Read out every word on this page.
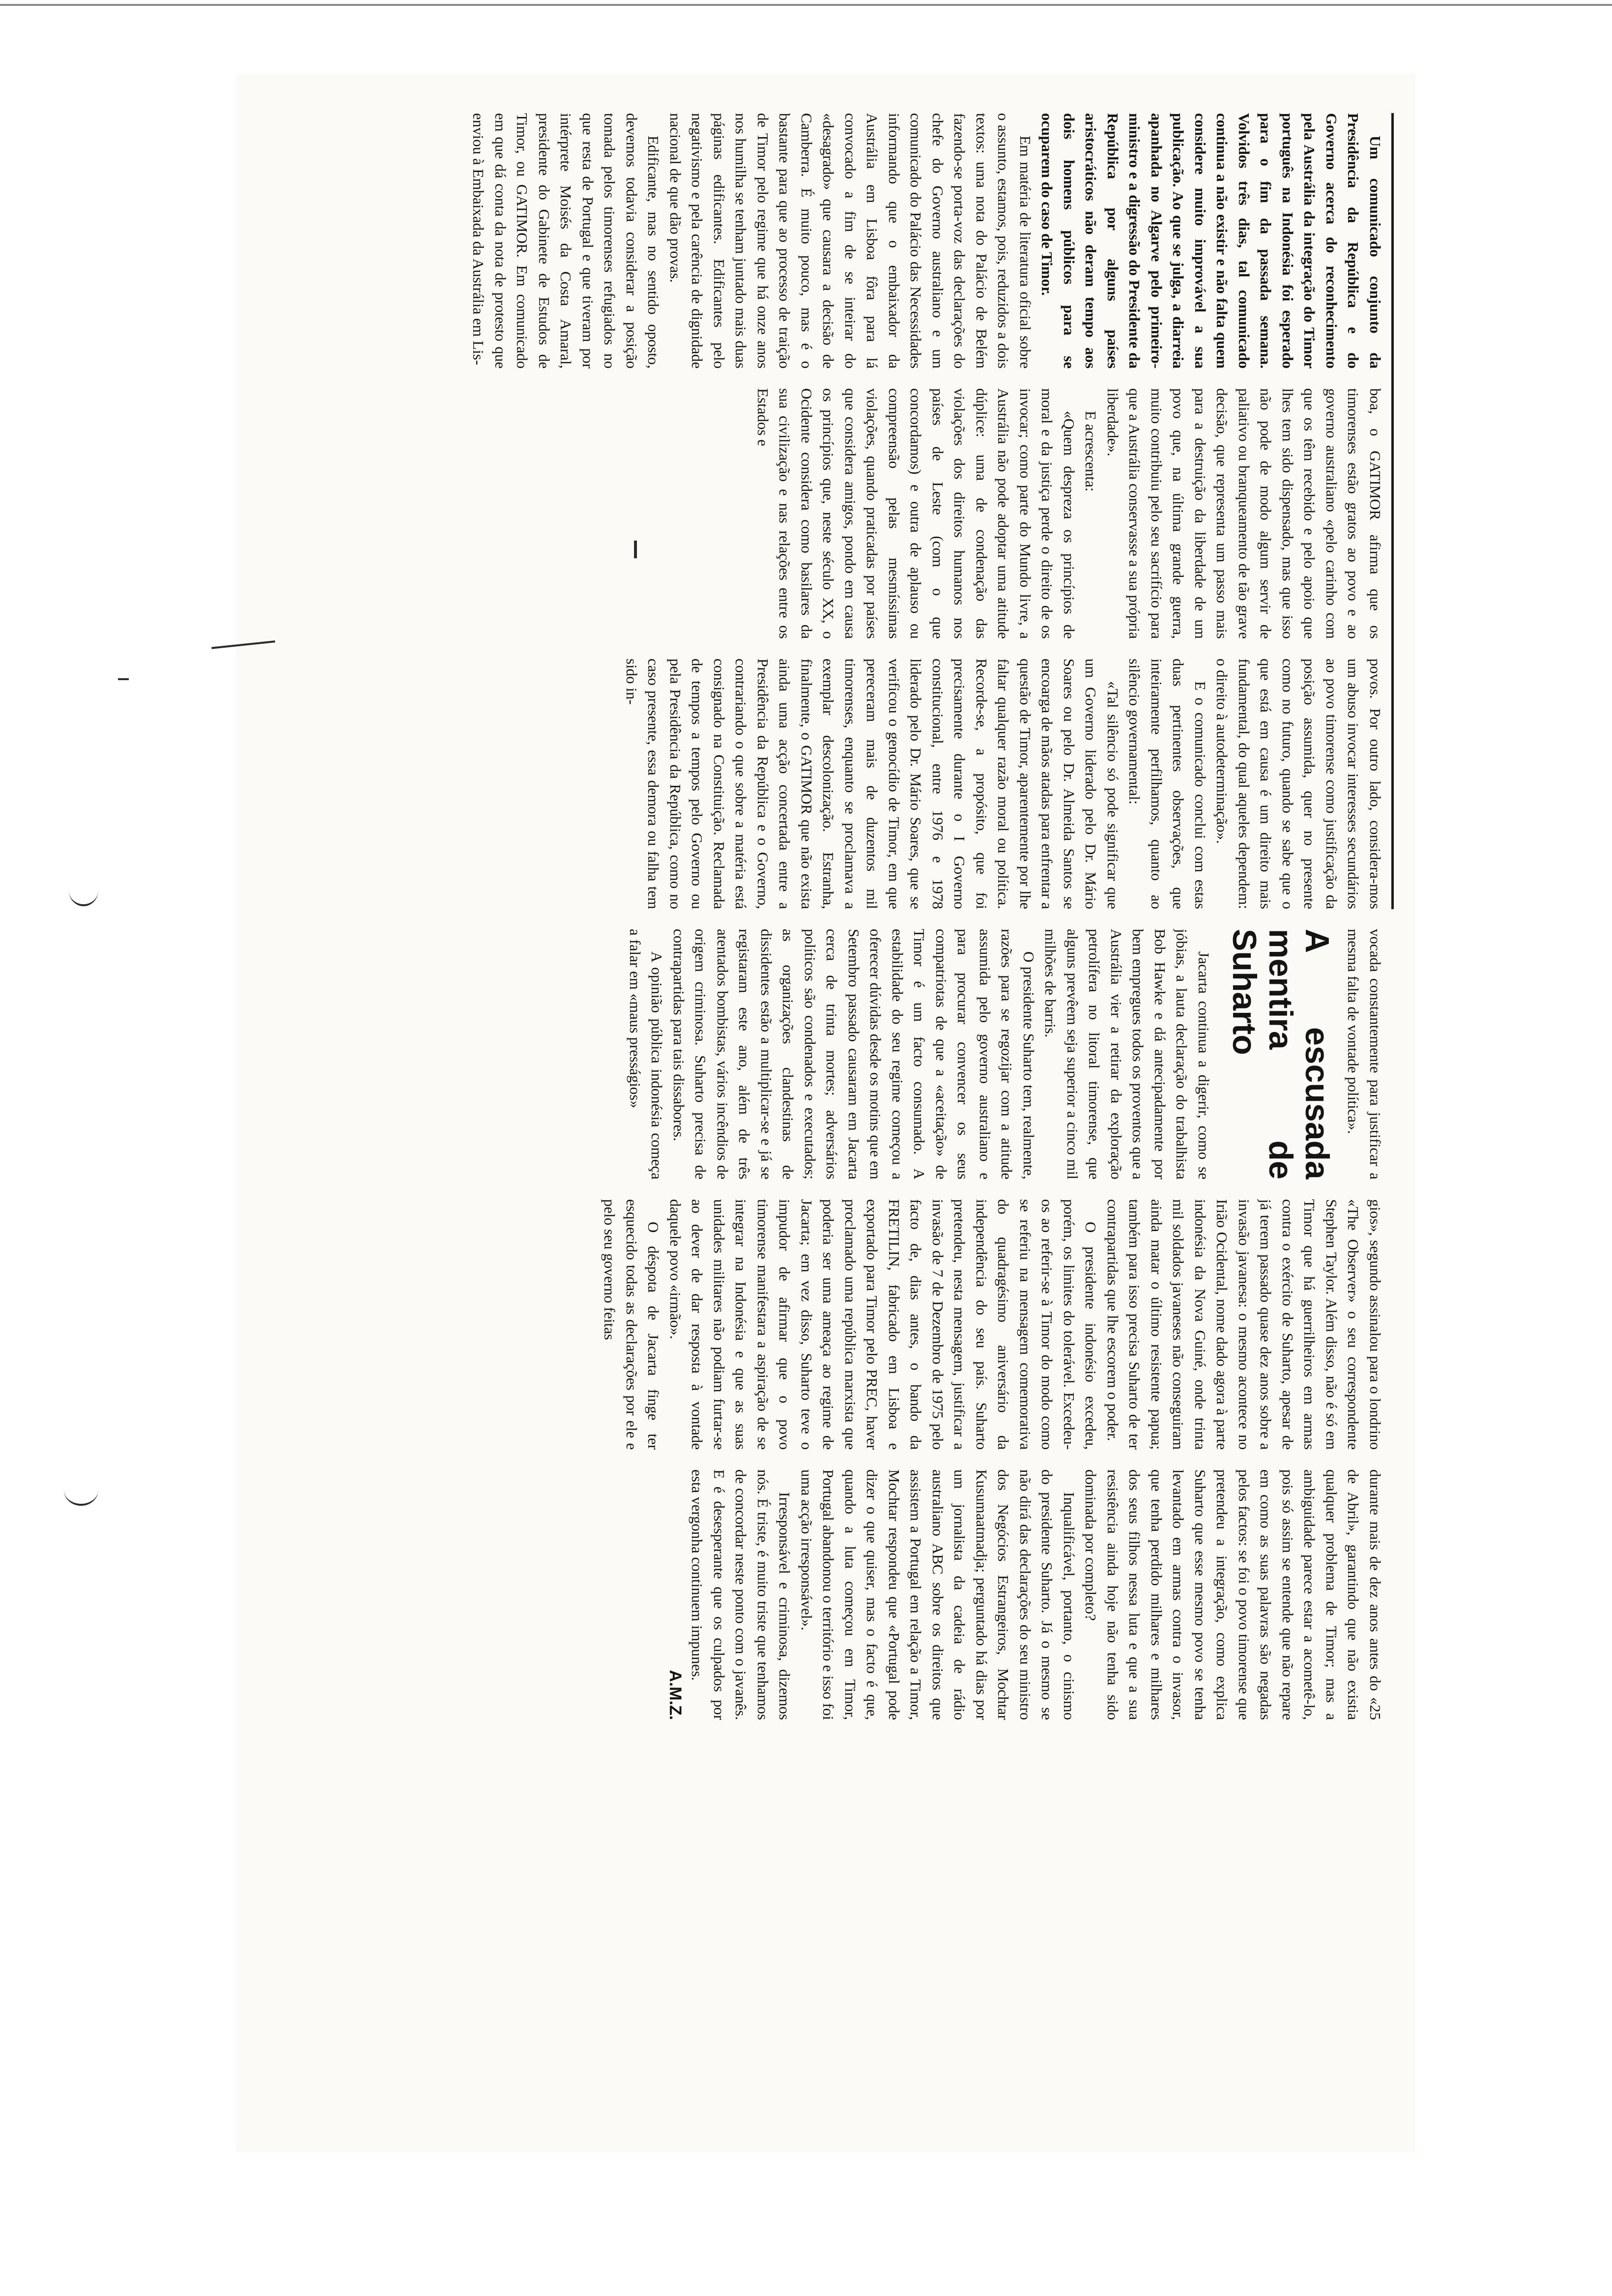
Um comunicado conjunto da Presidência da República e do Governo acerca do reconhecimento pela Austrália da integração do Timor português na Indonésia foi esperado para o fim da passada semana. Volvidos três dias, tal comunicado continua a não existir e não falta quem considere muito improvável a sua publicação. Ao que se julga, a diarreia apanhada no Algarve pelo primeiro-ministro e a digressão do Presidente da República por alguns países aristocráticos não deram tempo aos dois homens públicos para se ocuparem do caso de Timor.

Em matéria de literatura oficial sobre o assunto, estamos, pois, reduzidos a dois textos: uma nota do Palácio de Belém fazendo-se porta-voz das declarações do chefe do Governo australiano e um comunicado do Palácio das Necessidades informando que o embaixador da Austrália em Lisboa fôra para lá convocado a fim de se inteirar do «desagrado» que causara a decisão de Camberra. É muito pouco, mas é o bastante para que ao processo de traição de Timor pelo regime que há onze anos nos humilha se tenham juntado mais duas páginas edificantes. Edificantes pelo negativismo e pela carência de dignidade nacional de que dão provas.

Edificante, mas no sentido oposto, devemos todavia considerar a posição tomada pelos timorenses refugiados no que resta de Portugal e que tiveram por intérprete Moisés da Costa Amaral, presidente do Gabinete de Estudos de Timor, ou GATIMOR. Em comunicado em que dá conta da nota de protesto que enviou à Embaixada da Austrália em Lis-

boa, o GATIMOR afirma que os timorenses estão gratos ao povo e ao governo australiano «pelo carinho com que os têm recebido e pelo apoio que lhes tem sido dispensado, mas que isso não pode de modo algum servir de paliativo ou branqueamento de tão grave decisão, que representa um passo mais para a destruição da liberdade de um povo que, na última grande guerra, muito contribuiu pelo seu sacrifício para que a Austrália conservasse a sua própria liberdade».

E acrescenta:

«Quem despreza os princípios de moral e da justiça perde o direito de os invocar; como parte do Mundo livre, a Austrália não pode adoptar uma atitude dúplice: uma de condenação das violações dos direitos humanos nos países de Leste (com o que concordamos) e outra de aplauso ou compreensão pelas mesmíssimas violações, quando praticadas por países que considera amigos, pondo em causa os princípios que, neste século XX, o Ocidente considera como basilares da sua civilização e nas relações entre os Estados e

povos. Por outro lado, considera-mos um abuso invocar interesses secundários ao povo timorense como justificação da posição assumida, quer no presente como no futuro, quando se sabe que o que está em causa é um direito mais fundamental, do qual aqueles dependem: o direito à autodeterminação».

E o comunicado conclui com estas duas pertinentes observações, que inteiramente perfilhamos, quanto ao silêncio governamental:

«Tal silêncio só pode significar que um Governo liderado pelo Dr. Mário Soares ou pelo Dr. Almeida Santos se encoarga de mãos atadas para enfrentar a questão de Timor, aparentemente por lhe faltar qualquer razão moral ou política. Recorde-se, a propósito, que foi precisamente durante o I Governo constitucional, entre 1976 e 1978 liderado pelo Dr. Mário Soares, que se verificou o genocídio de Timor, em que pereceram mais de duzentos mil timorenses, enquanto se proclamava a exemplar descolonização. Estranha, finalmente, o GATIMOR que não exista ainda uma acção concertada entre a Presidência da República e o Governo, contrariando o que sobre a matéria está consignado na Constituição. Reclamada de tempos a tempos pelo Governo ou pela Presidência da República, como no caso presente, essa demora ou falha tem sido in-

vocada constantemente para justificar a mesma falta de vontade política».

A escusada mentira de Suharto

Jacarta continua a digerir, como se jóbias, a lauta declaração do trabalhista Bob Hawke e dá antecipadamente por bem empregues todos os proventos que a Austrália vier a retirar da exploração petrolífera no litoral timorense, que alguns prevêem seja superior a cinco mil milhões de barris.

O presidente Suharto tem, realmente, razões para se regozijar com a atitude assumida pelo governo australiano e para procurar convencer os seus compatriotas de que a «aceitação» de Timor é um facto consumado. A estabilidade do seu regime começou a oferecer dúvidas desde os motins que em Setembro passado causaram em Jacarta cerca de trinta mortes; adversários políticos são condenados e executados; as organizações clandestinas de dissidentes estão a multiplicar-se e já se registaram este ano, além de três atentados bombistas, vários incêndios de origem criminosa. Suharto precisa de contrapartidas para tais dissabores.

A opinião pública indonésia começa a falar em «maus presságios»

gios», segundo assinalou para o londrino «The Observer» o seu correspondente Stephen Taylor. Além disso, não é só em Timor que há guerrilheiros em armas contra o exército de Suharto, apesar de já terem passado quase dez anos sobre a invasão javanesa: o mesmo acontece no Irião Ocidental, nome dado agora à parte indonésia da Nova Guiné, onde trinta mil soldados javaneses não conseguiram ainda matar o último resistente papua; também para isso precisa Suharto de ter contrapartidas que lhe escorem o poder.

O presidente indonésio excedeu, porém, os limites do tolerável. Excedeu-os ao referir-se à Timor do modo como se referiu na mensagem comemorativa do quadragésimo aniversário da independência do seu país. Suharto pretendeu, nesta mensagem, justificar a invasão de 7 de Dezembro de 1975 pelo facto de, dias antes, o bando da FRETILIN, fabricado em Lisboa e exportado para Timor pelo PREC, haver proclamado uma república marxista que poderia ser uma ameaça ao regime de Jacarta; em vez disso, Suharto teve o impudor de afirmar que o povo timorense manifestara a aspiração de se integrar na Indonésia e que as suas unidades militares não podiam furtar-se ao dever de dar resposta à vontade daquele povo «irmão».

O déspota de Jacarta finge ter esquecido todas as declarações por ele e pelo seu governo feitas

durante mais de dez anos antes do «25 de Abril», garantindo que não existia qualquer problema de Timor; mas a ambiguidade parece estar a acometê-lo, pois só assim se entende que não repare em como as suas palavras são negadas pelos factos: se foi o povo timorense que pretendeu a integração, como explica Suharto que esse mesmo povo se tenha levantado em armas contra o invasor, que tenha perdido milhares e milhares dos seus filhos nessa luta e que a sua resistência ainda hoje não tenha sido dominada por completo?

Inqualificável, portanto, o cinismo do presidente Suharto. Já o mesmo se não dirá das declarações do seu ministro dos Negócios Estrangeiros, Mochtar Kusumaatmadja; perguntado há dias por um jornalista da cadeia de rádio australiano ABC sobre os direitos que assistem a Portugal em relação a Timor, Mochtar respondeu que «Portugal pode dizer o que quiser, mas o facto é que, quando a luta começou em Timor, Portugal abandonou o território e isso foi uma acção irresponsável».

Irresponsável e criminosa, dizemos nós. É triste, é muito triste que tenhamos de concordar neste ponto com o javanês. E é desesperante que os culpados por esta vergonha continuem impunes.

A.M.Z.
